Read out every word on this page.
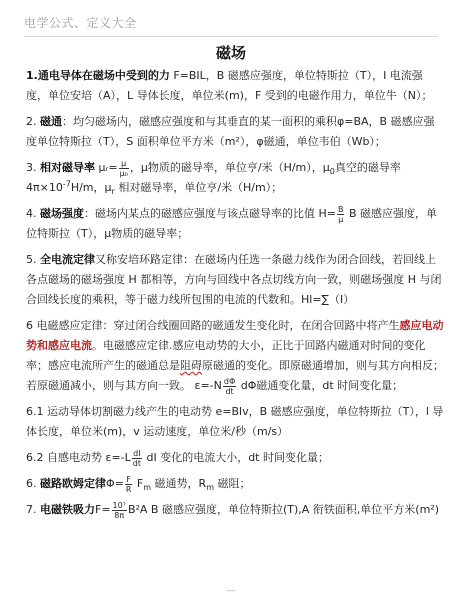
电学公式、定义大全
磁场

1.通电导体在磁场中受到的力 F=BIL，B 磁感应强度，单位特斯拉（T），I 电流强度，单位安培（A），L 导体长度，单位米(m)，F 受到的电磁作用力，单位牛（N）；

2. 磁通：均匀磁场内，磁感应强度和与其垂直的某一面积的乘积φ=BA，B 磁感应强度单位特斯拉（T），S 面积单位平方米（m²），φ磁通，单位韦伯（Wb）；

3. 相对磁导率 μᵣ= $\frac{\mu}{\text{μ₀}}$ ，μ物质的磁导率，单位亨/米（H/m），$\mu_0$真空的磁导率 $4\pi\times 10^{-7}H/m$，$\mu_r$ 相对磁导率，单位亨/米（H/m）；

4. 磁场强度：磁场内某点的磁感应强度与该点磁导率的比值 $H= \frac{B}{\mu}$ B 磁感应强度，单位特斯拉（T），μ物质的磁导率；

5. 全电流定律又称安培环路定律：在磁场内任选一条磁力线作为闭合回线，若回线上各点磁场的磁场强度 H 都相等，方向与回线中各点切线方向一致，则磁场强度 H 与闭合回线长度的乘积，等于磁力线所包围的电流的代数和。Hl=∑（I）

6 电磁感应定律：穿过闭合线圈回路的磁通发生变化时，在闭合回路中将产生感应电动势和感应电流。电磁感应定律.感应电动势的大小，正比于回路内磁通对时间的变化率；感应电流所产生的磁通总是阻碍原磁通的变化。即原磁通增加，则与其方向相反；若原磁通减小，则与其方向一致。 $\varepsilon=-N \frac{d\Phi}{dt}$ dΦ磁通变化量，dt 时间变化量；

6.1 运动导体切割磁力线产生的电动势 e=Blv，B 磁感应强度，单位特斯拉（T），l 导体长度，单位米(m)，v 运动速度，单位米/秒（m/s）

6.2 自感电动势 $\varepsilon=-L \frac{dI}{dt}$ dI 变化的电流大小，dt 时间变化量；

6. 磁路欧姆定律$\Phi= \frac{F}{R} F_m$ 磁通势，$R_m$ 磁阻；

7. 电磁铁吸力$F= \frac{\text{10⁷}}{8\pi} B^2A$ B 磁感应强度，单位特斯拉(T),A 衔铁面积,单位平方米(m²)

—
